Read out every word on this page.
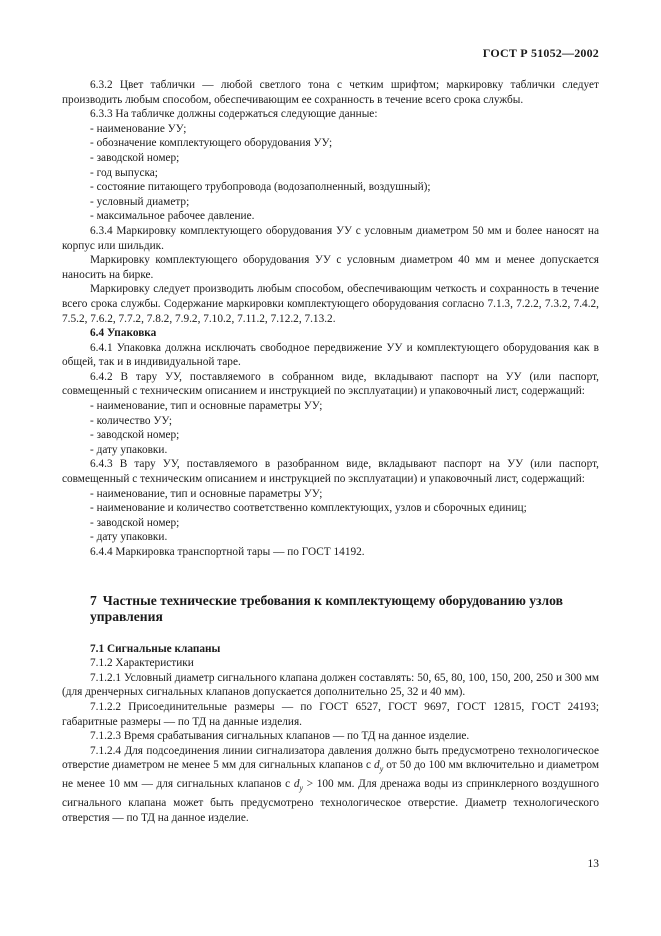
ГОСТ Р 51052—2002

6.3.2 Цвет таблички — любой светлого тона с четким шрифтом; маркировку таблички следует производить любым способом, обеспечивающим ее сохранность в течение всего срока службы.

6.3.3 На табличке должны содержаться следующие данные:

- наименование УУ;

- обозначение комплектующего оборудования УУ;

- заводской номер;

- год выпуска;

- состояние питающего трубопровода (водозаполненный, воздушный);

- условный диаметр;

- максимальное рабочее давление.

6.3.4 Маркировку комплектующего оборудования УУ с условным диаметром 50 мм и более наносят на корпус или шильдик.

Маркировку комплектующего оборудования УУ с условным диаметром 40 мм и менее допускается наносить на бирке.

Маркировку следует производить любым способом, обеспечивающим четкость и сохранность в течение всего срока службы. Содержание маркировки комплектующего оборудования согласно 7.1.3, 7.2.2, 7.3.2, 7.4.2, 7.5.2, 7.6.2, 7.7.2, 7.8.2, 7.9.2, 7.10.2, 7.11.2, 7.12.2, 7.13.2.

6.4 Упаковка

6.4.1 Упаковка должна исключать свободное передвижение УУ и комплектующего оборудования как в общей, так и в индивидуальной таре.

6.4.2 В тару УУ, поставляемого в собранном виде, вкладывают паспорт на УУ (или паспорт, совмещенный с техническим описанием и инструкцией по эксплуатации) и упаковочный лист, содержащий:

- наименование, тип и основные параметры УУ;

- количество УУ;

- заводской номер;

- дату упаковки.

6.4.3 В тару УУ, поставляемого в разобранном виде, вкладывают паспорт на УУ (или паспорт, совмещенный с техническим описанием и инструкцией по эксплуатации) и упаковочный лист, содержащий:

- наименование, тип и основные параметры УУ;

- наименование и количество соответственно комплектующих, узлов и сборочных единиц;

- заводской номер;

- дату упаковки.

6.4.4 Маркировка транспортной тары — по ГОСТ 14192.

7 Частные технические требования к комплектующему оборудованию узлов управления

7.1 Сигнальные клапаны

7.1.2 Характеристики

7.1.2.1 Условный диаметр сигнального клапана должен составлять: 50, 65, 80, 100, 150, 200, 250 и 300 мм (для дренчерных сигнальных клапанов допускается дополнительно 25, 32 и 40 мм).

7.1.2.2 Присоединительные размеры — по ГОСТ 6527, ГОСТ 9697, ГОСТ 12815, ГОСТ 24193; габаритные размеры — по ТД на данные изделия.

7.1.2.3 Время срабатывания сигнальных клапанов — по ТД на данное изделие.

7.1.2.4 Для подсоединения линии сигнализатора давления должно быть предусмотрено технологическое отверстие диаметром не менее 5 мм для сигнальных клапанов с $d_у$ от 50 до 100 мм включительно и диаметром не менее 10 мм — для сигнальных клапанов с $d_у > 100$ мм. Для дренажа воды из спринклерного воздушного сигнального клапана может быть предусмотрено технологическое отверстие. Диаметр технологического отверстия — по ТД на данное изделие.

13
